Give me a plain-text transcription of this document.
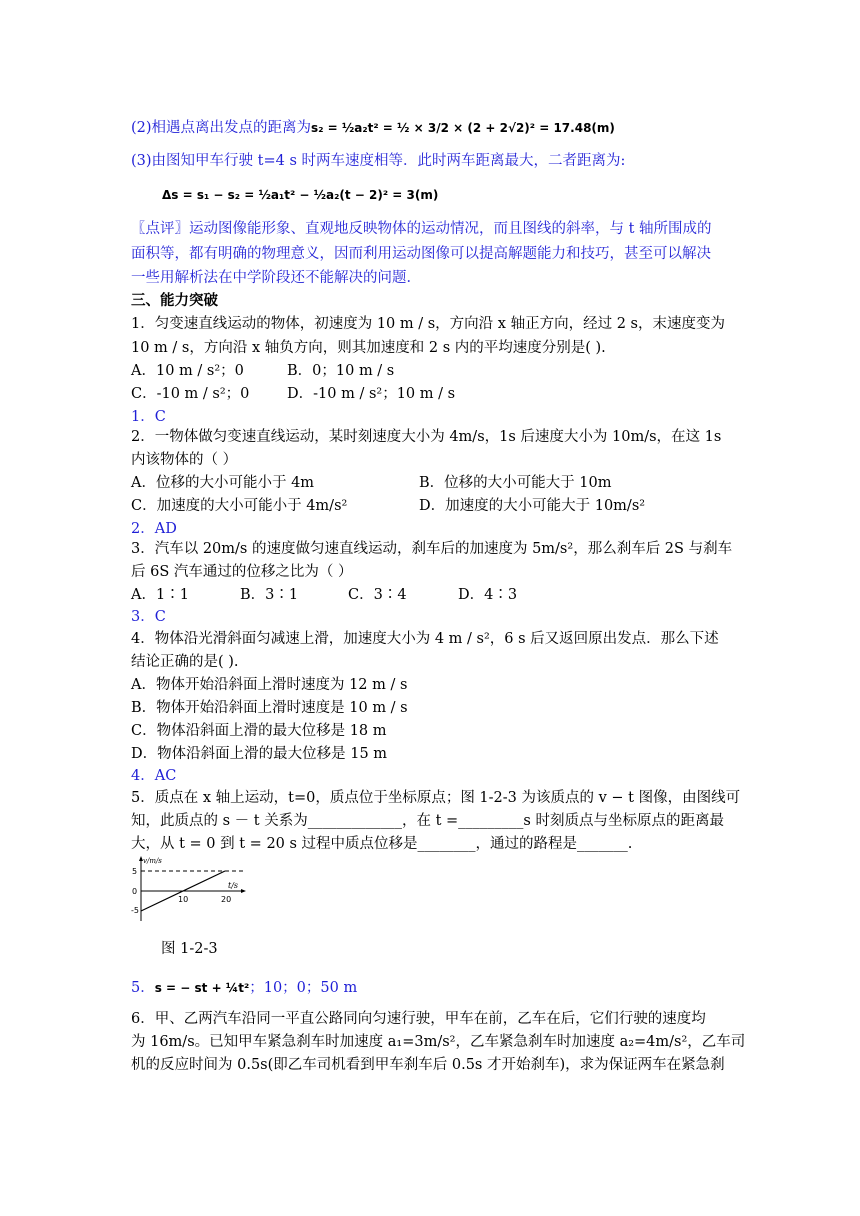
(2)相遇点离出发点的距离为s₂ = ½a₂t² = ½ × 3/2 × (2 + 2√2)² = 17.48(m)
(3)由图知甲车行驶 t=4 s 时两车速度相等．此时两车距离最大，二者距离为:
Δs = s₁ − s₂ = ½a₁t² − ½a₂(t − 2)² = 3(m)
〖点评〗运动图像能形象、直观地反映物体的运动情况，而且图线的斜率，与 t 轴所围成的
面积等，都有明确的物理意义，因而利用运动图像可以提高解题能力和技巧，甚至可以解决
一些用解析法在中学阶段还不能解决的问题．
三、能力突破
1．匀变速直线运动的物体，初速度为 10 m / s，方向沿 x 轴正方向，经过 2 s，末速度变为
10 m / s，方向沿 x 轴负方向，则其加速度和 2 s 内的平均速度分别是( ).
A．10 m / s²；0	B．0；10 m / s
C．-10 m / s²；0	D．-10 m / s²；10 m / s
1．C
2．一物体做匀变速直线运动，某时刻速度大小为 4m/s，1s 后速度大小为 10m/s，在这 1s
内该物体的（ ）
A．位移的大小可能小于 4m	B．位移的大小可能大于 10m
C．加速度的大小可能小于 4m/s²	D．加速度的大小可能大于 10m/s²
2．AD
3．汽车以 20m/s 的速度做匀速直线运动，刹车后的加速度为 5m/s²，那么刹车后 2S 与刹车
后 6S 汽车通过的位移之比为（ ）
A．1∶1	B．3∶1	C．3∶4	D．4∶3
3．C
4．物体沿光滑斜面匀减速上滑，加速度大小为 4 m / s²，6 s 后又返回原出发点．那么下述
结论正确的是( ).
A．物体开始沿斜面上滑时速度为 12 m / s
B．物体开始沿斜面上滑时速度是 10 m / s
C．物体沿斜面上滑的最大位移是 18 m
D．物体沿斜面上滑的最大位移是 15 m
4．AC
5．质点在 x 轴上运动，t=0，质点位于坐标原点；图 1-2-3 为该质点的 v − t 图像，由图线可
知，此质点的 s － t 关系为_____________，在 t =_________s 时刻质点与坐标原点的距离最
大，从 t = 0 到 t = 20 s 过程中质点位移是________，通过的路程是_______.
v/m/s
t/s
5
0
-5
10	20
图 1-2-3
5．s = − st + ¼t²；10；0；50 m
6．甲、乙两汽车沿同一平直公路同向匀速行驶，甲车在前，乙车在后，它们行驶的速度均
为 16m/s。已知甲车紧急刹车时加速度 a₁=3m/s²，乙车紧急刹车时加速度 a₂=4m/s²，乙车司
机的反应时间为 0.5s(即乙车司机看到甲车刹车后 0.5s 才开始刹车)，求为保证两车在紧急刹
